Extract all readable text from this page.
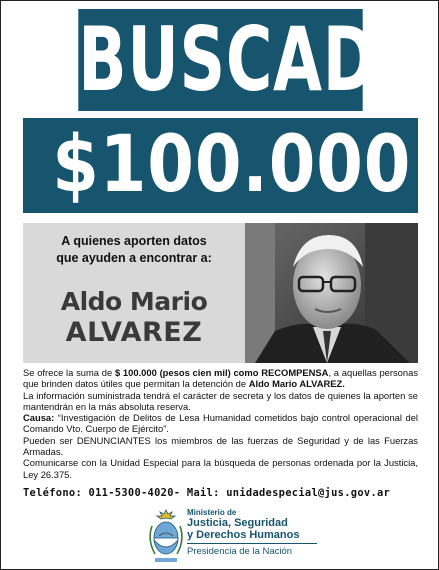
BUSCADO
$100.000
A quienes aporten datos
que ayuden a encontrar a:
Aldo Mario
ALVAREZ

Se ofrece la suma de $ 100.000 (pesos cien mil) como RECOMPENSA, a aquellas personas que brinden datos útiles que permitan la detención de Aldo Mario ALVAREZ.

La información suministrada tendrá el carácter de secreta y los datos de quienes la aporten se mantendrán en la más absoluta reserva.

Causa: “Investigación de Delitos de Lesa Humanidad cometidos bajo control operacional del Comando Vto. Cuerpo de Ejército”.

Pueden ser DENUNCIANTES los miembros de las fuerzas de Seguridad y de las Fuerzas Armadas.

Comunicarse con la Unidad Especial para la búsqueda de personas ordenada por la Justicia, Ley 26.375.

Teléfono: 011-5300-4020- Mail: unidadespecial@jus.gov.ar
Ministerio de
Justicia, Seguridad
y Derechos Humanos
Presidencia de la Nación
